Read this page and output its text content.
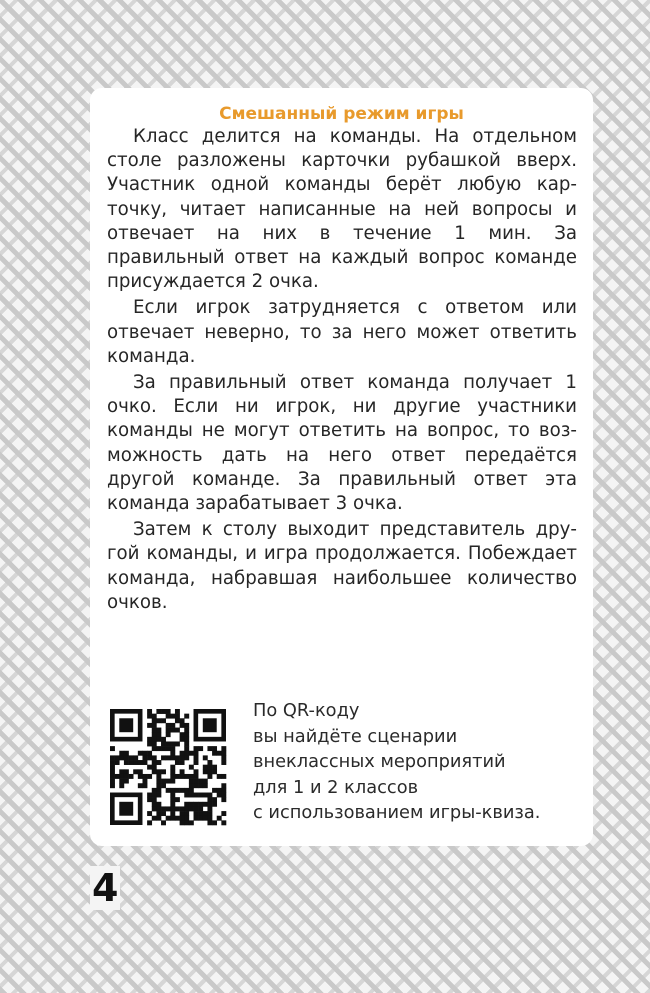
Смешанный режим игры

Класс делится на команды. На отдельном столе разложены карточки рубашкой вверх. Участник одной команды берёт любую карточку, читает написанные на ней вопросы и отвечает на них в течение 1 мин. За правильный ответ на каждый вопрос команде присуждается 2 очка.

Если игрок затрудняется с ответом или отвечает неверно, то за него может ответить команда.

За правильный ответ команда получает 1 очко. Если ни игрок, ни другие участники команды не могут ответить на вопрос, то возможность дать на него ответ передаётся другой команде. За правильный ответ эта команда зарабатывает 3 очка.

Затем к столу выходит представитель другой команды, и игра продолжается. Побеждает команда, набравшая наибольшее количество очков.

По QR-коду
вы найдёте сценарии
внеклассных мероприятий
для 1 и 2 классов
с использованием игры-квиза.
4
